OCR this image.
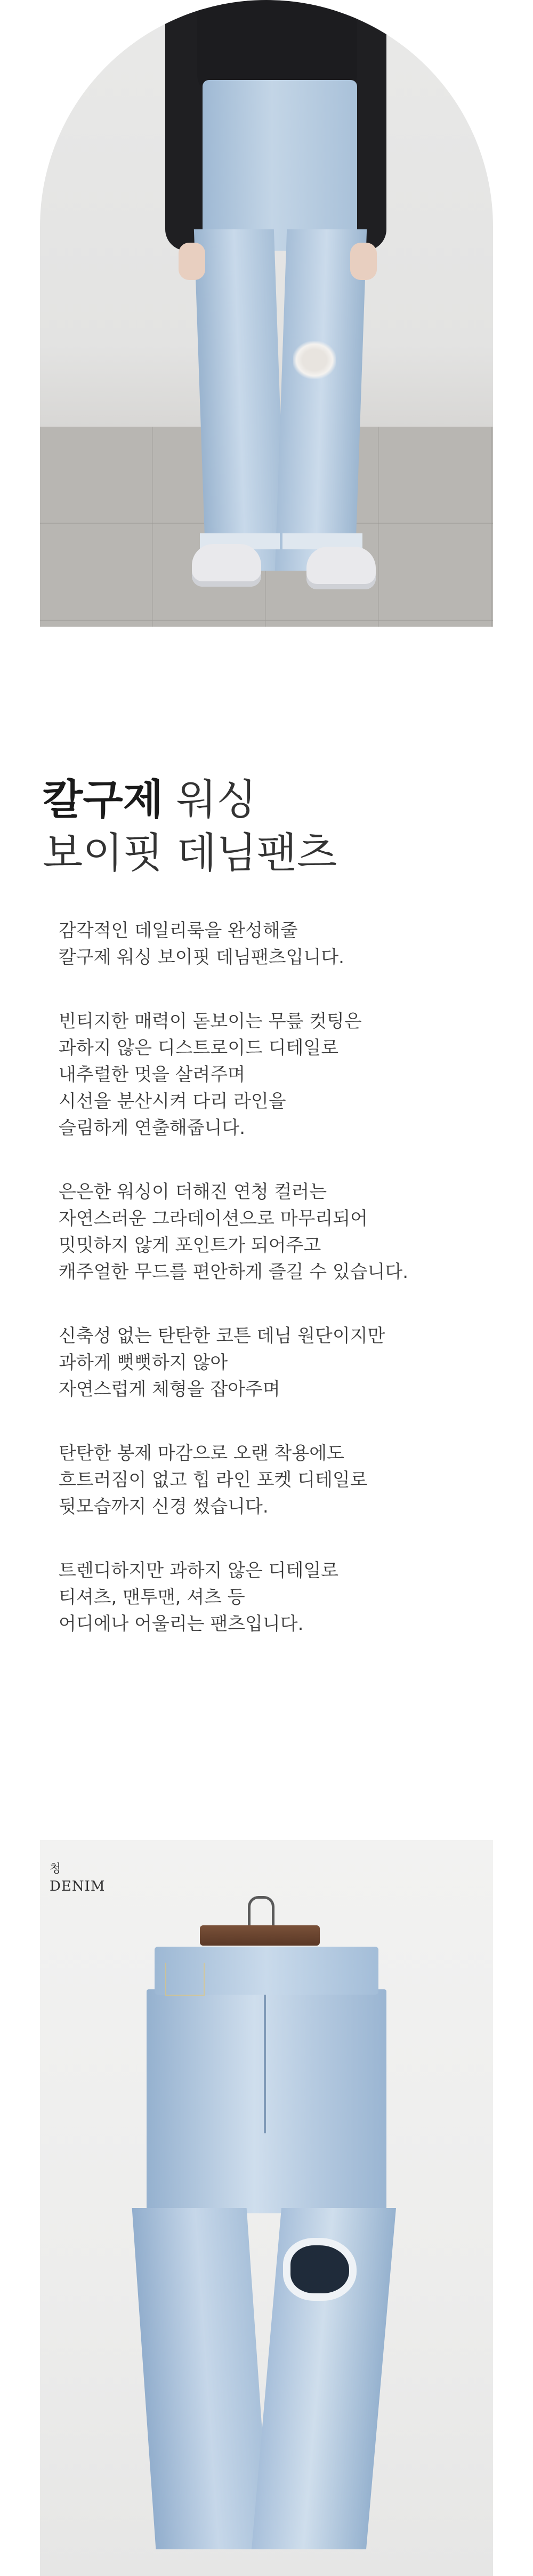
칼구제 워싱
보이핏 데님팬츠

감각적인 데일리룩을 완성해줄
칼구제 워싱 보이핏 데님팬츠입니다.

빈티지한 매력이 돋보이는 무릎 컷팅은
과하지 않은 디스트로이드 디테일로
내추럴한 멋을 살려주며
시선을 분산시켜 다리 라인을
슬림하게 연출해줍니다.

은은한 워싱이 더해진 연청 컬러는
자연스러운 그라데이션으로 마무리되어
밋밋하지 않게 포인트가 되어주고
캐주얼한 무드를 편안하게 즐길 수 있습니다.

신축성 없는 탄탄한 코튼 데님 원단이지만
과하게 뻣뻣하지 않아
자연스럽게 체형을 잡아주며

탄탄한 봉제 마감으로 오랜 착용에도
흐트러짐이 없고 힙 라인 포켓 디테일로
뒷모습까지 신경 썼습니다.

트렌디하지만 과하지 않은 디테일로
티셔츠, 맨투맨, 셔츠 등
어디에나 어울리는 팬츠입니다.

청
DENIM
